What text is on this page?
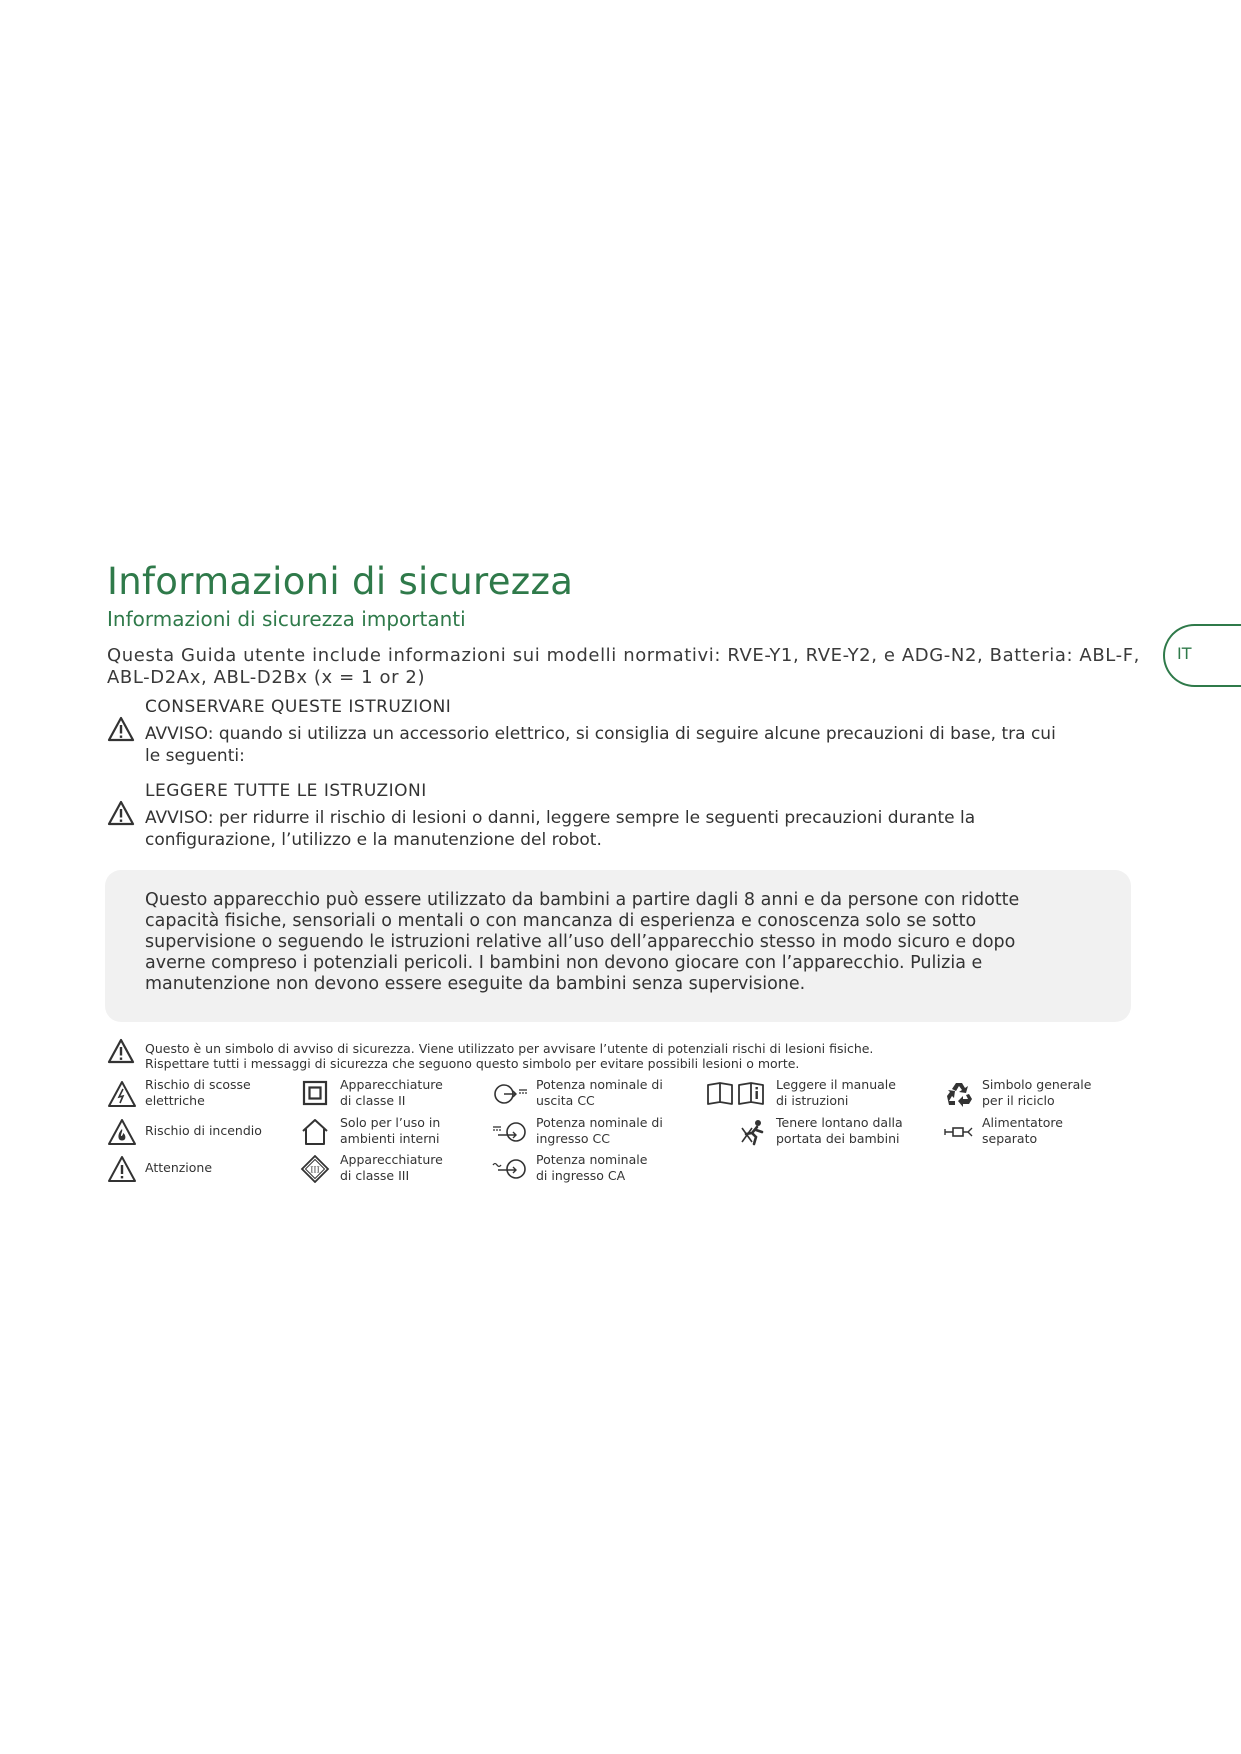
Informazioni di sicurezza
Informazioni di sicurezza importanti
IT

Questa Guida utente include informazioni sui modelli normativi: RVE-Y1, RVE-Y2, e ADG-N2, Batteria: ABL-F, ABL-D2Ax, ABL-D2Bx (x = 1 or 2)

CONSERVARE QUESTE ISTRUZIONI

AVVISO: quando si utilizza un accessorio elettrico, si consiglia di seguire alcune precauzioni di base, tra cui le seguenti:

LEGGERE TUTTE LE ISTRUZIONI

AVVISO: per ridurre il rischio di lesioni o danni, leggere sempre le seguenti precauzioni durante la configurazione, l’utilizzo e la manutenzione del robot.

Questo apparecchio può essere utilizzato da bambini a partire dagli 8 anni e da persone con ridotte capacità fisiche, sensoriali o mentali o con mancanza di esperienza e conoscenza solo se sotto supervisione o seguendo le istruzioni relative all’uso dell’apparecchio stesso in modo sicuro e dopo averne compreso i potenziali pericoli. I bambini non devono giocare con l’apparecchio. Pulizia e manutenzione non devono essere eseguite da bambini senza supervisione.

Questo è un simbolo di avviso di sicurezza. Viene utilizzato per avvisare l’utente di potenziali rischi di lesioni fisiche.
Rispettare tutti i messaggi di sicurezza che seguono questo simbolo per evitare possibili lesioni o morte.

Rischio di scosse
elettriche
Rischio di incendio
Attenzione
Apparecchiature
di classe II
Solo per l’uso in
ambienti interni
III
Apparecchiature
di classe III
Potenza nominale di
uscita CC
Potenza nominale di
ingresso CC
Potenza nominale
di ingresso CA
Leggere il manuale
di istruzioni
Tenere lontano dalla
portata dei bambini
Simbolo generale
per il riciclo
Alimentatore
separato
